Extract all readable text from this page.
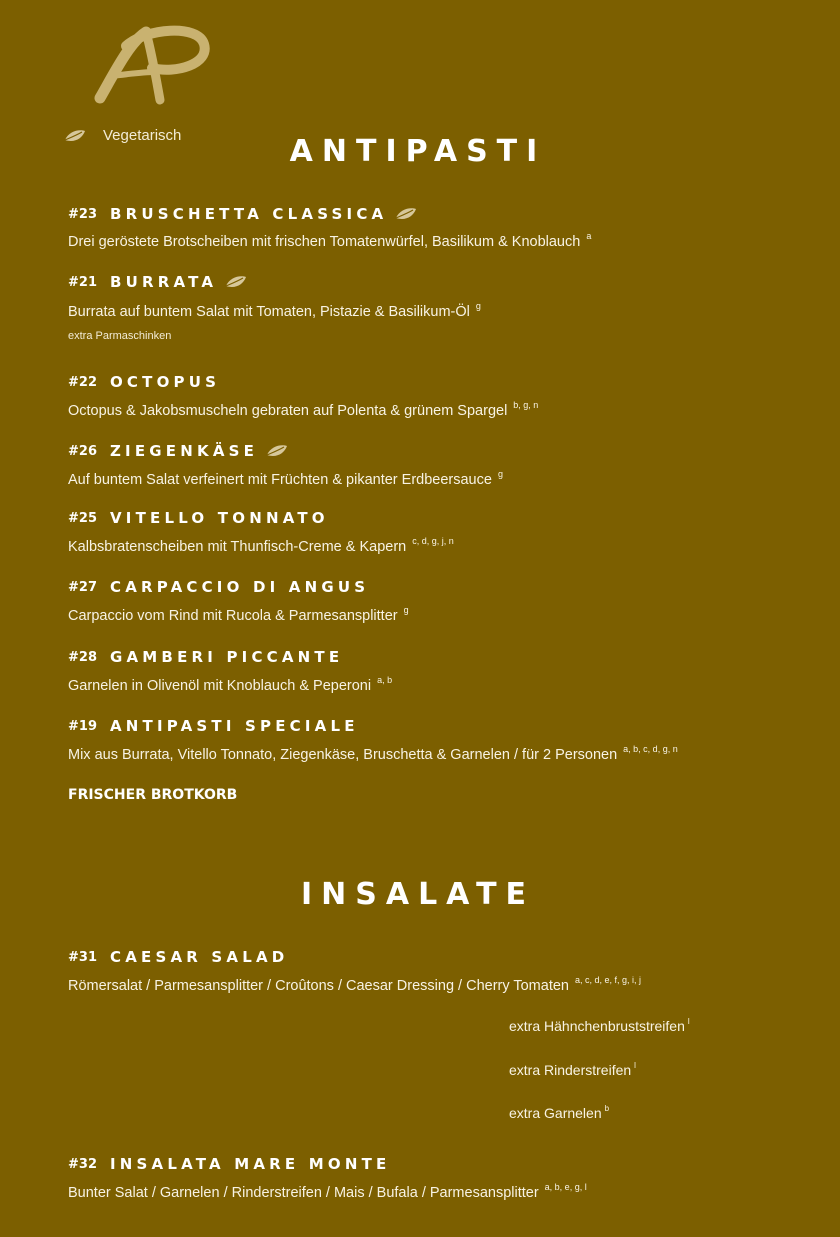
Vegetarisch	ANTIPASTI
#23 BRUSCHETTA CLASSICA
Drei geröstete Brotscheiben mit frischen Tomatenwürfel, Basilikum & Knoblauch $^a$
#21 BURRATA
Burrata auf buntem Salat mit Tomaten, Pistazie & Basilikum-Öl $^g$
extra Parmaschinken
#22 OCTOPUS
Octopus & Jakobsmuscheln gebraten auf Polenta & grünem Spargel $^{b, g, n}$
#26 ZIEGENKÄSE
Auf buntem Salat verfeinert mit Früchten & pikanter Erdbeersauce $^g$
#25 VITELLO TONNATO
Kalbsbratenscheiben mit Thunfisch-Creme & Kapern $^{c, d, g, j, n}$
#27 CARPACCIO DI ANGUS
Carpaccio vom Rind mit Rucola & Parmesansplitter $^g$
#28 GAMBERI PICCANTE
Garnelen in Olivenöl mit Knoblauch & Peperoni $^{a, b}$
#19 ANTIPASTI SPECIALE
Mix aus Burrata, Vitello Tonnato, Ziegenkäse, Bruschetta & Garnelen / für 2 Personen $^{a, b, c, d, g, n}$
FRISCHER BROTKORB
INSALATE
#31 CAESAR SALAD
Römersalat / Parmesansplitter / Croûtons / Caesar Dressing / Cherry Tomaten $^{a, c, d, e, f, g, i, j}$
extra Hähnchenbruststreifen $^l$
extra Rinderstreifen $^l$
extra Garnelen $^b$
#32 INSALATA MARE MONTE
Bunter Salat / Garnelen / Rinderstreifen / Mais / Bufala / Parmesansplitter $^{a, b, e, g, l}$
